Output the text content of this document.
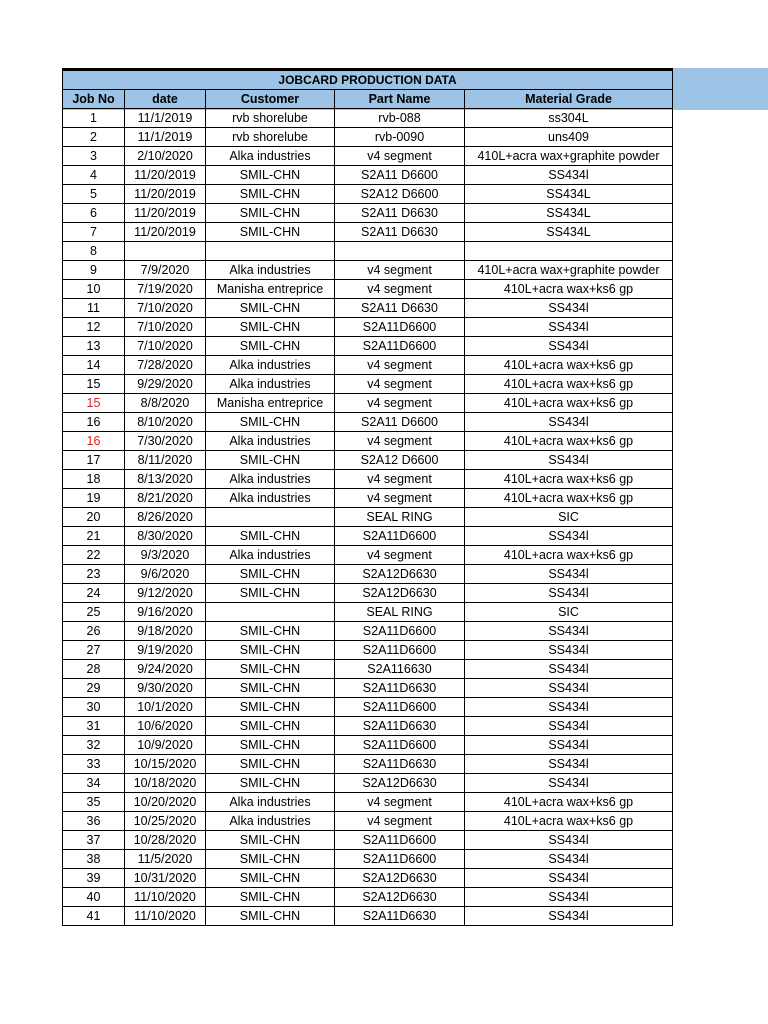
JOBCARD PRODUCTION DATA				
Job No	date	Customer	Part Name	Material Grade
1	11/1/2019	rvb shorelube	rvb-088	ss304L
2	11/1/2019	rvb shorelube	rvb-0090	uns409
3	2/10/2020	Alka industries	v4 segment	410L+acra wax+graphite powder
4	11/20/2019	SMIL-CHN	S2A11 D6600	SS434l
5	11/20/2019	SMIL-CHN	S2A12 D6600	SS434L
6	11/20/2019	SMIL-CHN	S2A11 D6630	SS434L
7	11/20/2019	SMIL-CHN	S2A11 D6630	SS434L
8				
9	7/9/2020	Alka industries	v4 segment	410L+acra wax+graphite powder
10	7/19/2020	Manisha entreprice	v4 segment	410L+acra wax+ks6 gp
11	7/10/2020	SMIL-CHN	S2A11 D6630	SS434l
12	7/10/2020	SMIL-CHN	S2A11D6600	SS434l
13	7/10/2020	SMIL-CHN	S2A11D6600	SS434l
14	7/28/2020	Alka industries	v4 segment	410L+acra wax+ks6 gp
15	9/29/2020	Alka industries	v4 segment	410L+acra wax+ks6 gp
15	8/8/2020	Manisha entreprice	v4 segment	410L+acra wax+ks6 gp
16	8/10/2020	SMIL-CHN	S2A11 D6600	SS434l
16	7/30/2020	Alka industries	v4 segment	410L+acra wax+ks6 gp
17	8/11/2020	SMIL-CHN	S2A12 D6600	SS434l
18	8/13/2020	Alka industries	v4 segment	410L+acra wax+ks6 gp
19	8/21/2020	Alka industries	v4 segment	410L+acra wax+ks6 gp
20	8/26/2020		SEAL RING	SIC
21	8/30/2020	SMIL-CHN	S2A11D6600	SS434l
22	9/3/2020	Alka industries	v4 segment	410L+acra wax+ks6 gp
23	9/6/2020	SMIL-CHN	S2A12D6630	SS434l
24	9/12/2020	SMIL-CHN	S2A12D6630	SS434l
25	9/16/2020		SEAL RING	SIC
26	9/18/2020	SMIL-CHN	S2A11D6600	SS434l
27	9/19/2020	SMIL-CHN	S2A11D6600	SS434l
28	9/24/2020	SMIL-CHN	S2A116630	SS434l
29	9/30/2020	SMIL-CHN	S2A11D6630	SS434l
30	10/1/2020	SMIL-CHN	S2A11D6600	SS434l
31	10/6/2020	SMIL-CHN	S2A11D6630	SS434l
32	10/9/2020	SMIL-CHN	S2A11D6600	SS434l
33	10/15/2020	SMIL-CHN	S2A11D6630	SS434l
34	10/18/2020	SMIL-CHN	S2A12D6630	SS434l
35	10/20/2020	Alka industries	v4 segment	410L+acra wax+ks6 gp
36	10/25/2020	Alka industries	v4 segment	410L+acra wax+ks6 gp
37	10/28/2020	SMIL-CHN	S2A11D6600	SS434l
38	11/5/2020	SMIL-CHN	S2A11D6600	SS434l
39	10/31/2020	SMIL-CHN	S2A12D6630	SS434l
40	11/10/2020	SMIL-CHN	S2A12D6630	SS434l
41	11/10/2020	SMIL-CHN	S2A11D6630	SS434l
